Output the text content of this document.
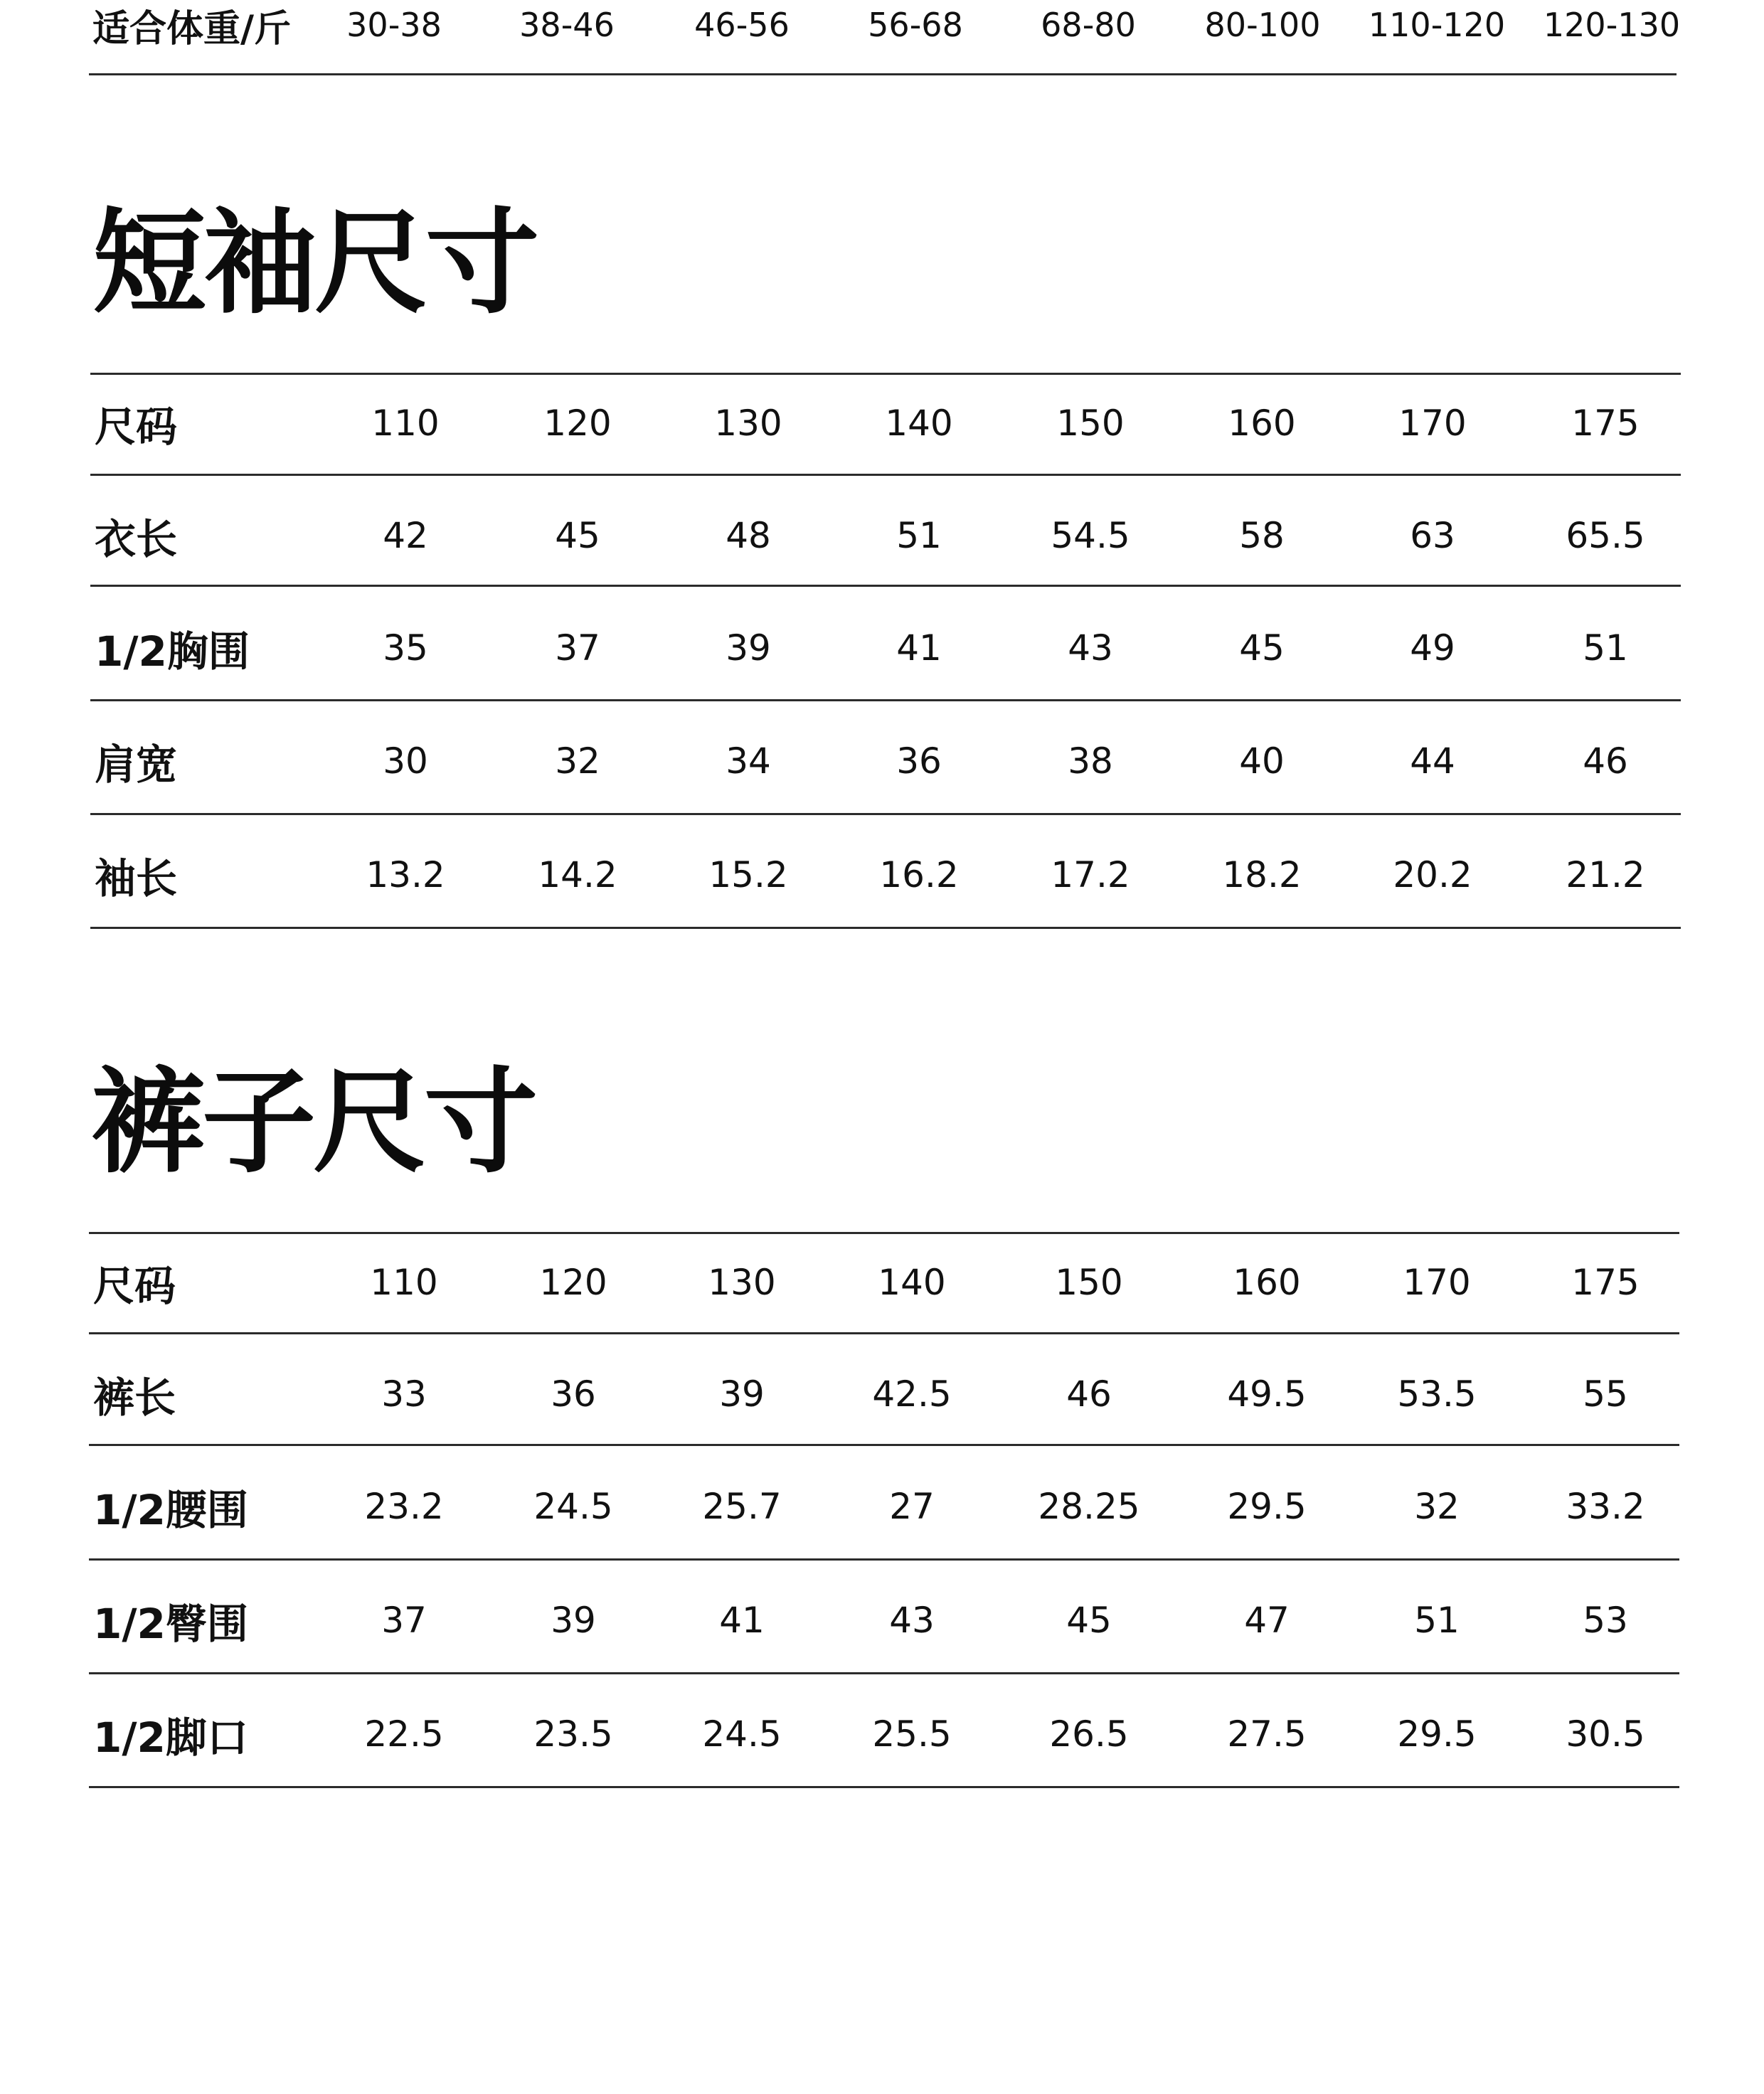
适合体重/斤 30-38 38-46 46-56 56-68 68-80 80-100 110-120 120-130
短袖尺寸
尺码	110	120	130	140	150	160	170	175
衣长	42	45	48	51	54.5	58	63	65.5
1/2胸围	35	37	39	41	43	45	49	51
肩宽	30	32	34	36	38	40	44	46
袖长	13.2	14.2	15.2	16.2	17.2	18.2	20.2	21.2
裤子尺寸
尺码	110	120	130	140	150	160	170	175
裤长	33	36	39	42.5	46	49.5	53.5	55
1/2腰围	23.2	24.5	25.7	27	28.25 29.5	32	33.2
1/2臀围	37	39	41	43	45	47	51	53
1/2脚口	22.5	23.5	24.5	25.5	26.5	27.5	29.5	30.5
